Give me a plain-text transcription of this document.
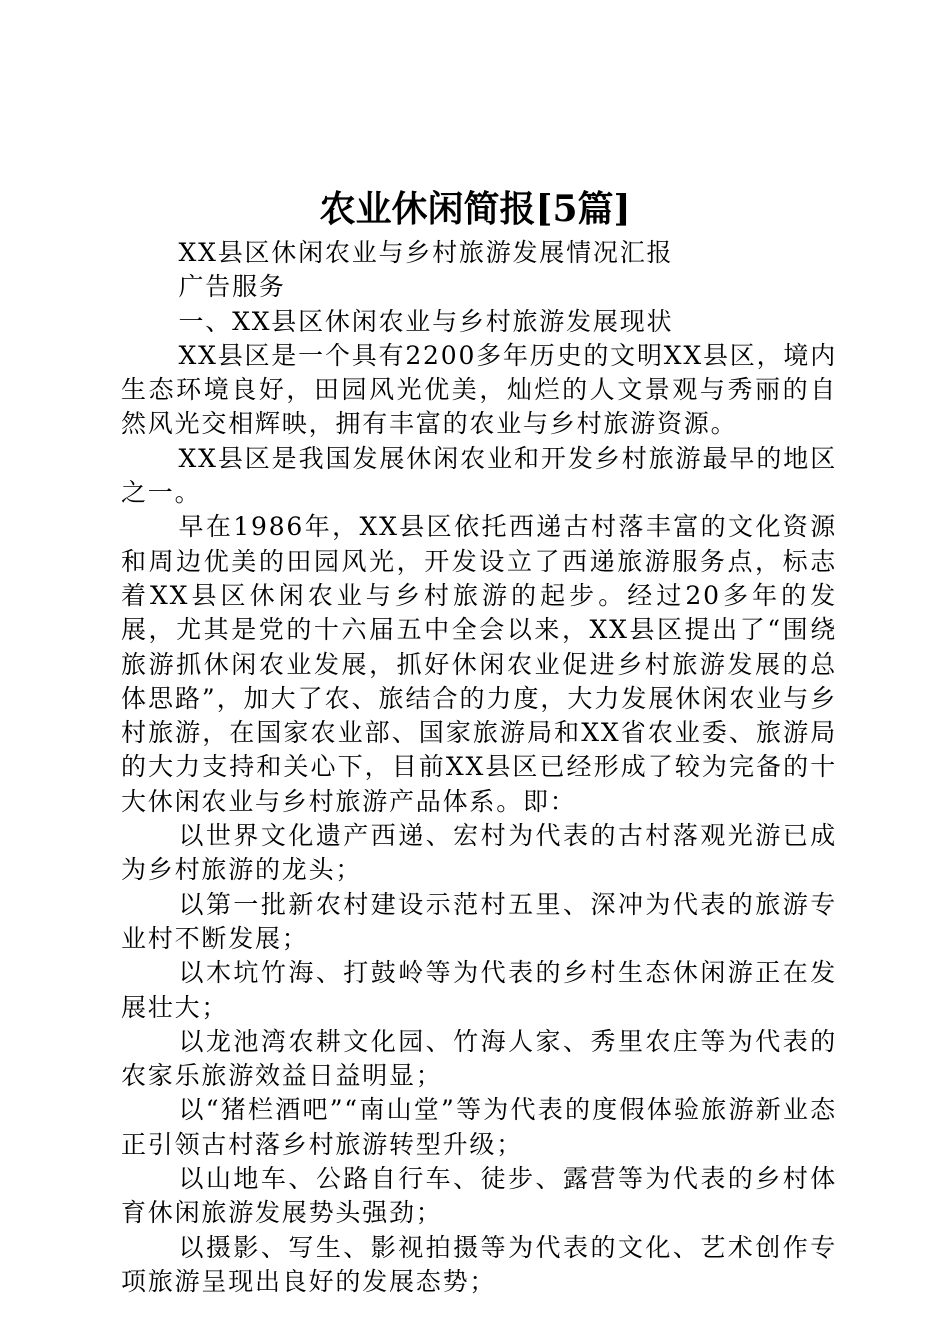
农业休闲简报[5篇]

XX县区休闲农业与乡村旅游发展情况汇报

广告服务

一、XX县区休闲农业与乡村旅游发展现状

XX县区是一个具有2200多年历史的文明XX县区，境内生态环境良好，田园风光优美，灿烂的人文景观与秀丽的自然风光交相辉映，拥有丰富的农业与乡村旅游资源。

XX县区是我国发展休闲农业和开发乡村旅游最早的地区之一。

早在1986年，XX县区依托西递古村落丰富的文化资源和周边优美的田园风光，开发设立了西递旅游服务点，标志着XX县区休闲农业与乡村旅游的起步。经过20多年的发展，尤其是党的十六届五中全会以来，XX县区提出了“围绕旅游抓休闲农业发展，抓好休闲农业促进乡村旅游发展的总体思路”，加大了农、旅结合的力度，大力发展休闲农业与乡村旅游，在国家农业部、国家旅游局和XX省农业委、旅游局的大力支持和关心下，目前XX县区已经形成了较为完备的十大休闲农业与乡村旅游产品体系。即：

以世界文化遗产西递、宏村为代表的古村落观光游已成为乡村旅游的龙头；

以第一批新农村建设示范村五里、深冲为代表的旅游专业村不断发展；

以木坑竹海、打鼓岭等为代表的乡村生态休闲游正在发展壮大；

以龙池湾农耕文化园、竹海人家、秀里农庄等为代表的农家乐旅游效益日益明显；

以“猪栏酒吧”“南山堂”等为代表的度假体验旅游新业态正引领古村落乡村旅游转型升级；

以山地车、公路自行车、徒步、露营等为代表的乡村体育休闲旅游发展势头强劲；

以摄影、写生、影视拍摄等为代表的文化、艺术创作专项旅游呈现出良好的发展态势；
